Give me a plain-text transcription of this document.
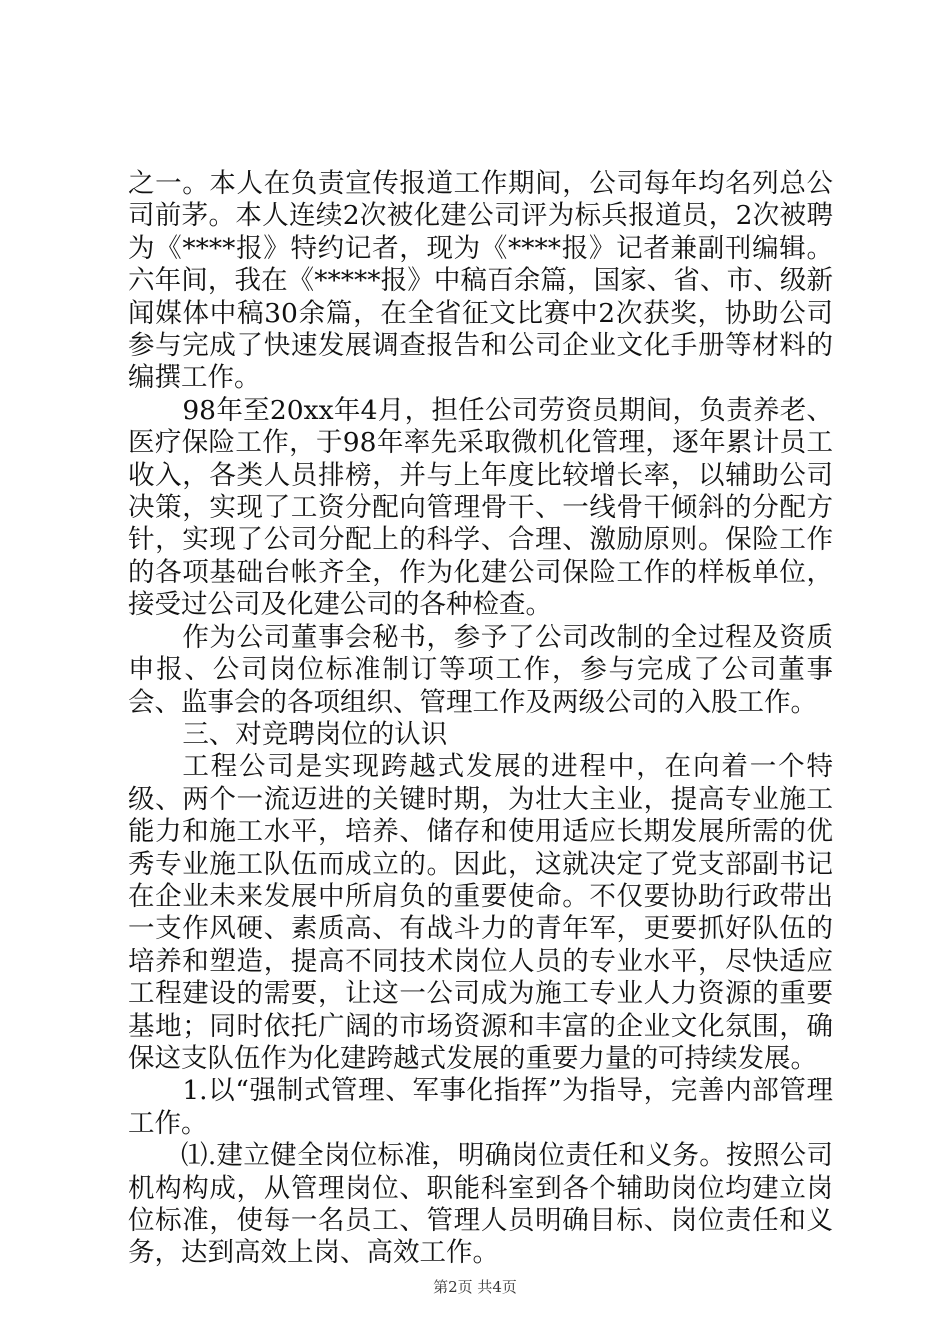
之一。本人在负责宣传报道工作期间，公司每年均名列总公司前茅。本人连续2次被化建公司评为标兵报道员，2次被聘为《****报》特约记者，现为《****报》记者兼副刊编辑。六年间，我在《*****报》中稿百余篇，国家、省、市、级新闻媒体中稿30余篇，在全省征文比赛中2次获奖，协助公司参与完成了快速发展调查报告和公司企业文化手册等材料的编撰工作。

98年至20xx年4月，担任公司劳资员期间，负责养老、医疗保险工作，于98年率先采取微机化管理，逐年累计员工收入，各类人员排榜，并与上年度比较增长率，以辅助公司决策，实现了工资分配向管理骨干、一线骨干倾斜的分配方针，实现了公司分配上的科学、合理、激励原则。保险工作的各项基础台帐齐全，作为化建公司保险工作的样板单位，接受过公司及化建公司的各种检查。

作为公司董事会秘书，参予了公司改制的全过程及资质申报、公司岗位标准制订等项工作，参与完成了公司董事会、监事会的各项组织、管理工作及两级公司的入股工作。

三、对竞聘岗位的认识

工程公司是实现跨越式发展的进程中，在向着一个特级、两个一流迈进的关键时期，为壮大主业，提高专业施工能力和施工水平，培养、储存和使用适应长期发展所需的优秀专业施工队伍而成立的。因此，这就决定了党支部副书记在企业未来发展中所肩负的重要使命。不仅要协助行政带出一支作风硬、素质高、有战斗力的青年军，更要抓好队伍的培养和塑造，提高不同技术岗位人员的专业水平，尽快适应工程建设的需要，让这一公司成为施工专业人力资源的重要基地；同时依托广阔的市场资源和丰富的企业文化氛围，确保这支队伍作为化建跨越式发展的重要力量的可持续发展。

1.以“强制式管理、军事化指挥”为指导，完善内部管理工作。

⑴.建立健全岗位标准，明确岗位责任和义务。按照公司机构构成，从管理岗位、职能科室到各个辅助岗位均建立岗位标准，使每一名员工、管理人员明确目标、岗位责任和义务，达到高效上岗、高效工作。

第2页 共4页
